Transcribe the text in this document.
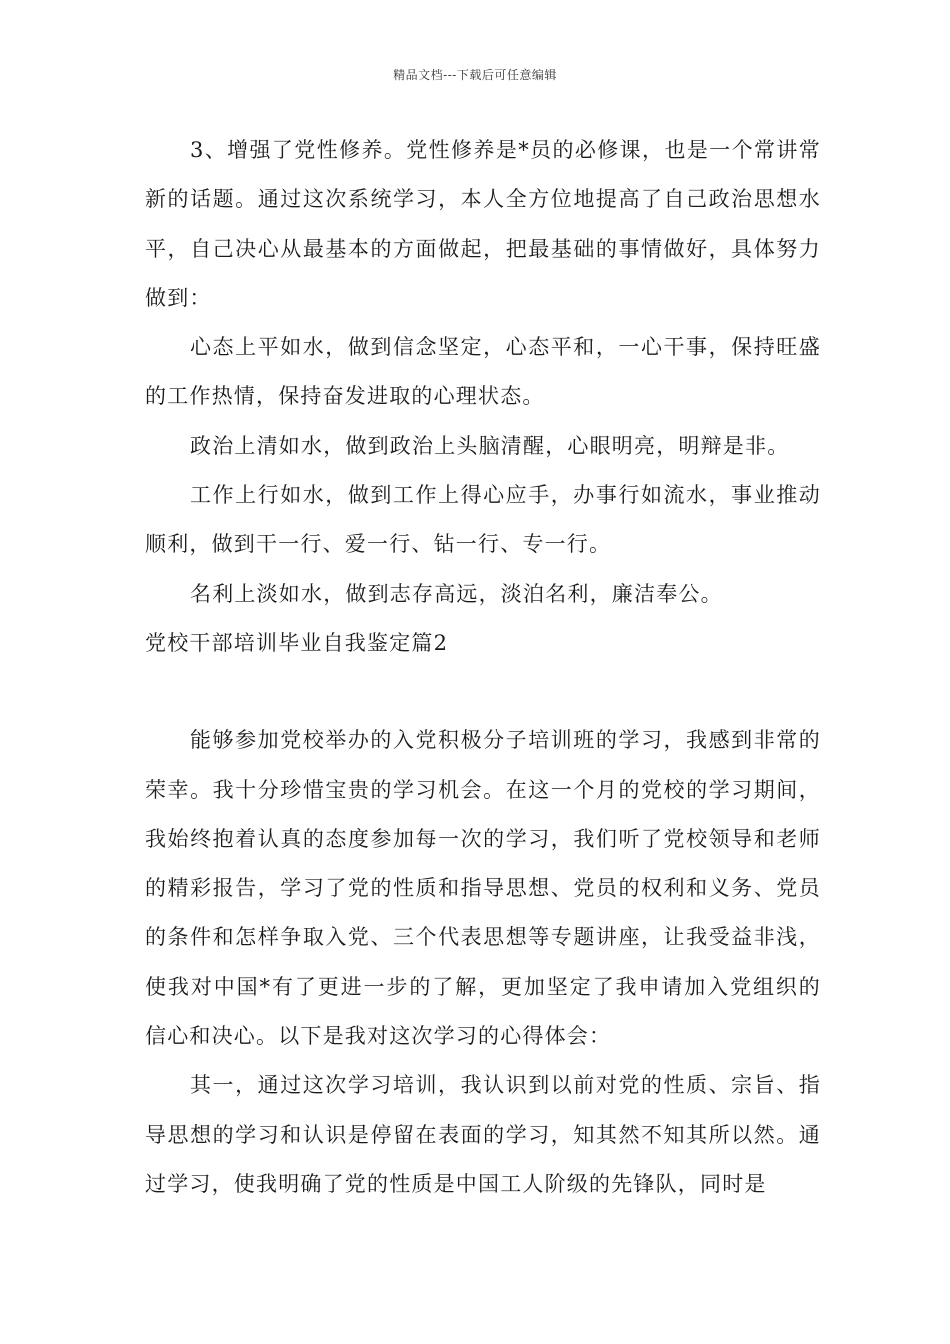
精品文档---下载后可任意编辑

3、增强了党性修养。党性修养是*员的必修课，也是一个常讲常新的话题。通过这次系统学习，本人全方位地提高了自己政治思想水平，自己决心从最基本的方面做起，把最基础的事情做好，具体努力做到：

心态上平如水，做到信念坚定，心态平和，一心干事，保持旺盛的工作热情，保持奋发进取的心理状态。

政治上清如水，做到政治上头脑清醒，心眼明亮，明辩是非。

工作上行如水，做到工作上得心应手，办事行如流水，事业推动顺利，做到干一行、爱一行、钻一行、专一行。

名利上淡如水，做到志存高远，淡泊名利，廉洁奉公。

党校干部培训毕业自我鉴定篇2

能够参加党校举办的入党积极分子培训班的学习，我感到非常的荣幸。我十分珍惜宝贵的学习机会。在这一个月的党校的学习期间，我始终抱着认真的态度参加每一次的学习，我们听了党校领导和老师的精彩报告，学习了党的性质和指导思想、党员的权利和义务、党员的条件和怎样争取入党、三个代表思想等专题讲座，让我受益非浅，使我对中国*有了更进一步的了解，更加坚定了我申请加入党组织的信心和决心。以下是我对这次学习的心得体会：

其一，通过这次学习培训，我认识到以前对党的性质、宗旨、指导思想的学习和认识是停留在表面的学习，知其然不知其所以然。通过学习，使我明确了党的性质是中国工人阶级的先锋队，同时是
